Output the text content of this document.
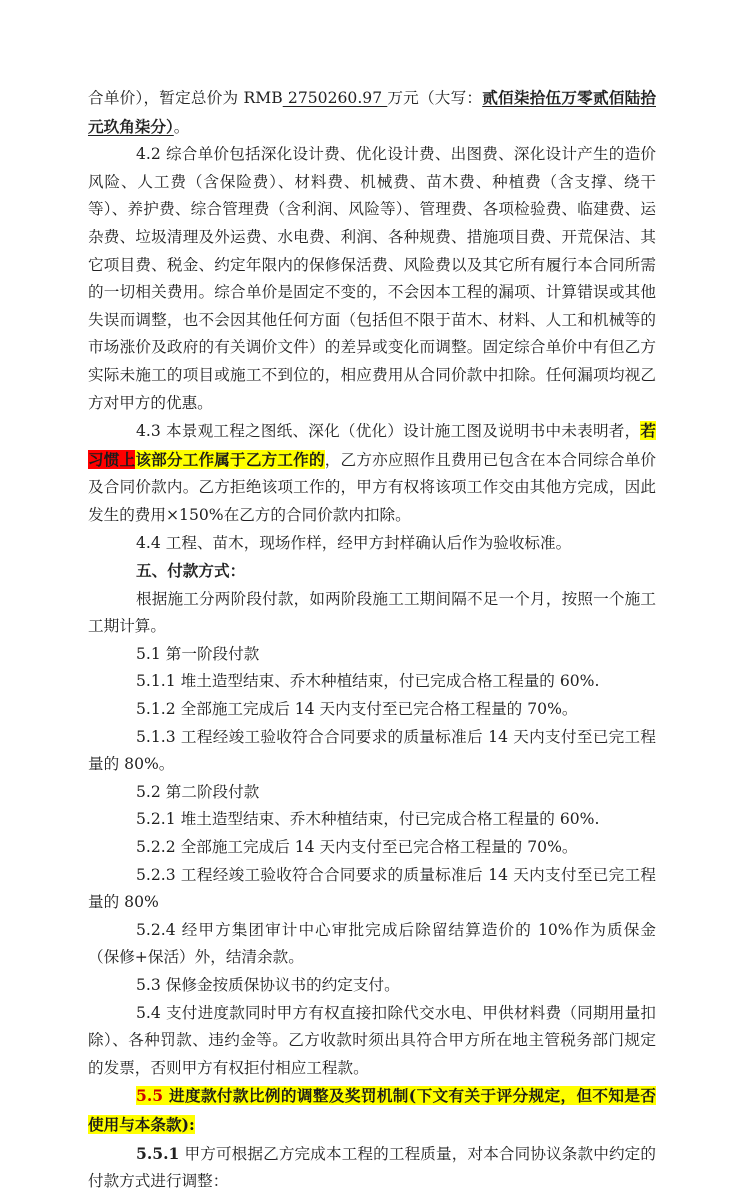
合单价），暂定总价为 RMB 2750260.97 万元（大写：贰佰柒拾伍万零贰佰陆拾元玖角柒分）。

4.2 综合单价包括深化设计费、优化设计费、出图费、深化设计产生的造价风险、人工费（含保险费）、材料费、机械费、苗木费、种植费（含支撑、绕干等）、养护费、综合管理费（含利润、风险等）、管理费、各项检验费、临建费、运杂费、垃圾清理及外运费、水电费、利润、各种规费、措施项目费、开荒保洁、其它项目费、税金、约定年限内的保修保活费、风险费以及其它所有履行本合同所需的一切相关费用。综合单价是固定不变的，不会因本工程的漏项、计算错误或其他失误而调整，也不会因其他任何方面（包括但不限于苗木、材料、人工和机械等的市场涨价及政府的有关调价文件）的差异或变化而调整。固定综合单价中有但乙方实际未施工的项目或施工不到位的，相应费用从合同价款中扣除。任何漏项均视乙方对甲方的优惠。

4.3 本景观工程之图纸、深化（优化）设计施工图及说明书中未表明者，若习惯上该部分工作属于乙方工作的，乙方亦应照作且费用已包含在本合同综合单价及合同价款内。乙方拒绝该项工作的，甲方有权将该项工作交由其他方完成，因此发生的费用×150%在乙方的合同价款内扣除。

4.4 工程、苗木，现场作样，经甲方封样确认后作为验收标准。

五、付款方式：

根据施工分两阶段付款，如两阶段施工工期间隔不足一个月，按照一个施工工期计算。

5.1 第一阶段付款

5.1.1 堆土造型结束、乔木种植结束，付已完成合格工程量的 60%.

5.1.2 全部施工完成后 14 天内支付至已完合格工程量的 70%。

5.1.3 工程经竣工验收符合合同要求的质量标准后 14 天内支付至已完工程量的 80%。

5.2 第二阶段付款

5.2.1 堆土造型结束、乔木种植结束，付已完成合格工程量的 60%.

5.2.2 全部施工完成后 14 天内支付至已完合格工程量的 70%。

5.2.3 工程经竣工验收符合合同要求的质量标准后 14 天内支付至已完工程量的 80%

5.2.4 经甲方集团审计中心审批完成后除留结算造价的 10%作为质保金（保修+保活）外，结清余款。

5.3 保修金按质保协议书的约定支付。

5.4 支付进度款同时甲方有权直接扣除代交水电、甲供材料费（同期用量扣除）、各种罚款、违约金等。乙方收款时须出具符合甲方所在地主管税务部门规定的发票，否则甲方有权拒付相应工程款。

5.5 进度款付款比例的调整及奖罚机制(下文有关于评分规定，但不知是否使用与本条款):

5.5.1 甲方可根据乙方完成本工程的工程质量，对本合同协议条款中约定的付款方式进行调整：
